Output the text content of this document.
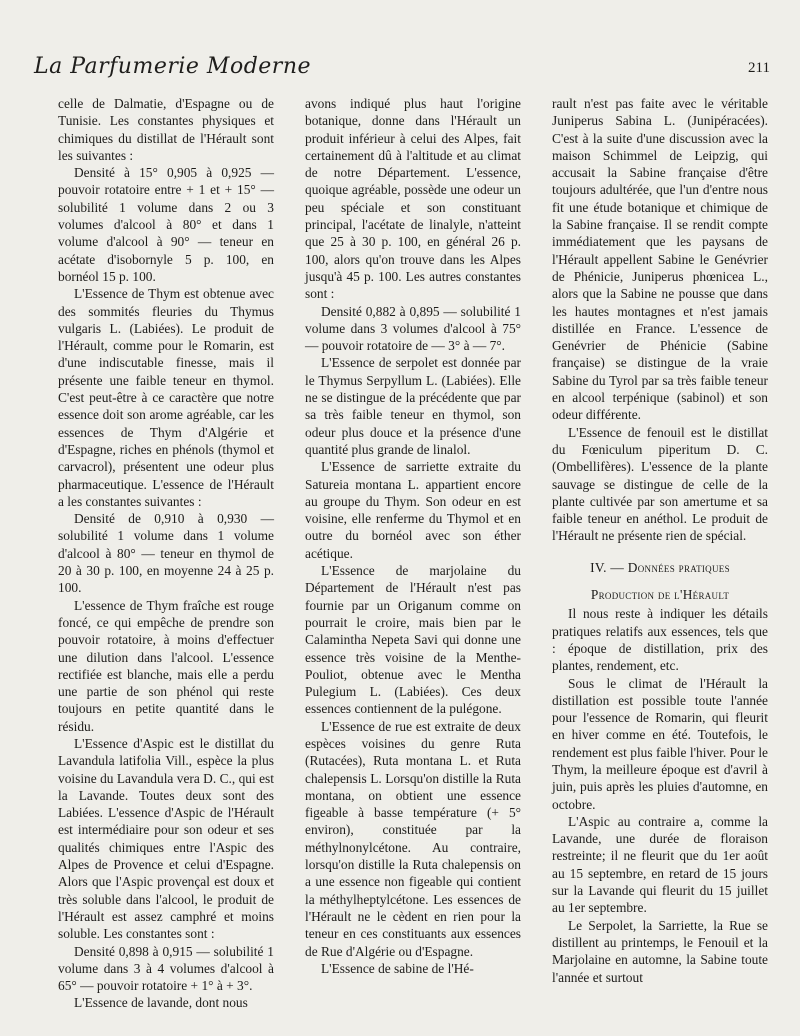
La Parfumerie Moderne	211

celle de Dalmatie, d'Espagne ou de Tunisie. Les constantes physiques et chimiques du distillat de l'Hérault sont les suivantes :

Densité à 15° 0,905 à 0,925 — pouvoir rotatoire entre + 1 et + 15° — solubilité 1 volume dans 2 ou 3 volumes d'alcool à 80° et dans 1 volume d'alcool à 90° — teneur en acétate d'isobornyle 5 p. 100, en bornéol 15 p. 100.

L'Essence de Thym est obtenue avec des sommités fleuries du Thymus vulgaris L. (Labiées). Le produit de l'Hérault, comme pour le Romarin, est d'une indiscutable finesse, mais il présente une faible teneur en thymol. C'est peut-être à ce caractère que notre essence doit son arome agréable, car les essences de Thym d'Algérie et d'Espagne, riches en phénols (thymol et carvacrol), présentent une odeur plus pharmaceutique. L'essence de l'Hérault a les constantes suivantes :

Densité de 0,910 à 0,930 — solubilité 1 volume dans 1 volume d'alcool à 80° — teneur en thymol de 20 à 30 p. 100, en moyenne 24 à 25 p. 100.

L'essence de Thym fraîche est rouge foncé, ce qui empêche de prendre son pouvoir rotatoire, à moins d'effectuer une dilution dans l'alcool. L'essence rectifiée est blanche, mais elle a perdu une partie de son phénol qui reste toujours en petite quantité dans le résidu.

L'Essence d'Aspic est le distillat du Lavandula latifolia Vill., espèce la plus voisine du Lavandula vera D. C., qui est la Lavande. Toutes deux sont des Labiées. L'essence d'Aspic de l'Hérault est intermédiaire pour son odeur et ses qualités chimiques entre l'Aspic des Alpes de Provence et celui d'Espagne. Alors que l'Aspic provençal est doux et très soluble dans l'alcool, le produit de l'Hérault est assez camphré et moins soluble. Les constantes sont :

Densité 0,898 à 0,915 — solubilité 1 volume dans 3 à 4 volumes d'alcool à 65° — pouvoir rotatoire + 1° à + 3°.

L'Essence de lavande, dont nous

avons indiqué plus haut l'origine botanique, donne dans l'Hérault un produit inférieur à celui des Alpes, fait certainement dû à l'altitude et au climat de notre Département. L'essence, quoique agréable, possède une odeur un peu spéciale et son constituant principal, l'acétate de linalyle, n'atteint que 25 à 30 p. 100, en général 26 p. 100, alors qu'on trouve dans les Alpes jusqu'à 45 p. 100. Les autres constantes sont :

Densité 0,882 à 0,895 — solubilité 1 volume dans 3 volumes d'alcool à 75° — pouvoir rotatoire de — 3° à — 7°.

L'Essence de serpolet est donnée par le Thymus Serpyllum L. (Labiées). Elle ne se distingue de la précédente que par sa très faible teneur en thymol, son odeur plus douce et la présence d'une quantité plus grande de linalol.

L'Essence de sarriette extraite du Satureia montana L. appartient encore au groupe du Thym. Son odeur en est voisine, elle renferme du Thymol et en outre du bornéol avec son éther acétique.

L'Essence de marjolaine du Département de l'Hérault n'est pas fournie par un Origanum comme on pourrait le croire, mais bien par le Calamintha Nepeta Savi qui donne une essence très voisine de la Menthe-Pouliot, obtenue avec le Mentha Pulegium L. (Labiées). Ces deux essences contiennent de la pulégone.

L'Essence de rue est extraite de deux espèces voisines du genre Ruta (Rutacées), Ruta montana L. et Ruta chalepensis L. Lorsqu'on distille la Ruta montana, on obtient une essence figeable à basse température (+ 5° environ), constituée par la méthylnonylcétone. Au contraire, lorsqu'on distille la Ruta chalepensis on a une essence non figeable qui contient la méthylheptylcétone. Les essences de l'Hérault ne le cèdent en rien pour la teneur en ces constituants aux essences de Rue d'Algérie ou d'Espagne.

L'Essence de sabine de l'Hé-

rault n'est pas faite avec le véritable Juniperus Sabina L. (Junipéracées). C'est à la suite d'une discussion avec la maison Schimmel de Leipzig, qui accusait la Sabine française d'être toujours adultérée, que l'un d'entre nous fit une étude botanique et chimique de la Sabine française. Il se rendit compte immédiatement que les paysans de l'Hérault appellent Sabine le Genévrier de Phénicie, Juniperus phœnicea L., alors que la Sabine ne pousse que dans les hautes montagnes et n'est jamais distillée en France. L'essence de Genévrier de Phénicie (Sabine française) se distingue de la vraie Sabine du Tyrol par sa très faible teneur en alcool terpénique (sabinol) et son odeur différente.

L'Essence de fenouil est le distillat du Fœniculum piperitum D. C. (Ombellifères). L'essence de la plante sauvage se distingue de celle de la plante cultivée par son amertume et sa faible teneur en anéthol. Le produit de l'Hérault ne présente rien de spécial.

IV. — Données pratiques

Production de l'Hérault

Il nous reste à indiquer les détails pratiques relatifs aux essences, tels que : époque de distillation, prix des plantes, rendement, etc.

Sous le climat de l'Hérault la distillation est possible toute l'année pour l'essence de Romarin, qui fleurit en hiver comme en été. Toutefois, le rendement est plus faible l'hiver. Pour le Thym, la meilleure époque est d'avril à juin, puis après les pluies d'automne, en octobre.

L'Aspic au contraire a, comme la Lavande, une durée de floraison restreinte; il ne fleurit que du 1er août au 15 septembre, en retard de 15 jours sur la Lavande qui fleurit du 15 juillet au 1er septembre.

Le Serpolet, la Sarriette, la Rue se distillent au printemps, le Fenouil et la Marjolaine en automne, la Sabine toute l'année et surtout
